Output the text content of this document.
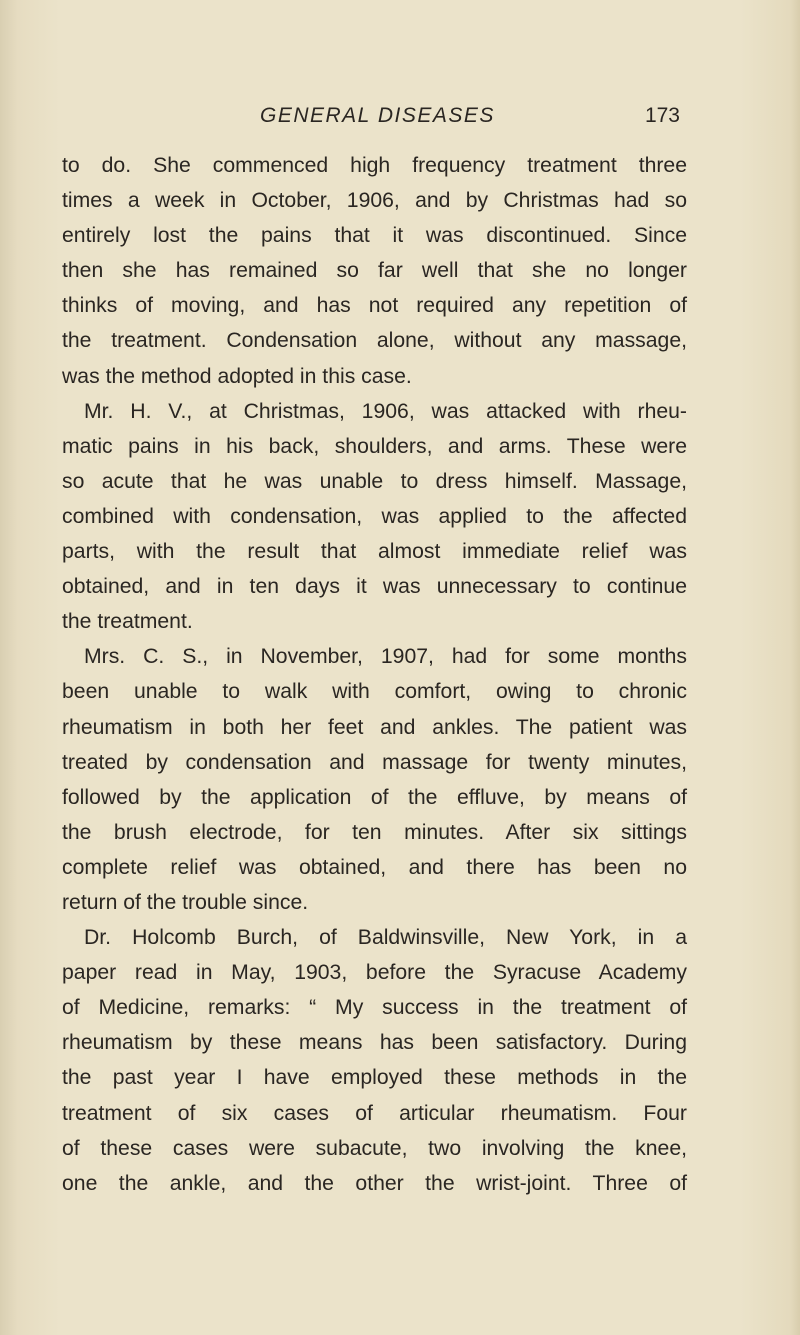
GENERAL DISEASES	173
to do. She commenced high frequency treatment three
times a week in October, 1906, and by Christmas had so
entirely lost the pains that it was discontinued. Since
then she has remained so far well that she no longer
thinks of moving, and has not required any repetition of
the treatment. Condensation alone, without any massage,
was the method adopted in this case.
Mr. H. V., at Christmas, 1906, was attacked with rheu-
matic pains in his back, shoulders, and arms. These were
so acute that he was unable to dress himself. Massage,
combined with condensation, was applied to the affected
parts, with the result that almost immediate relief was
obtained, and in ten days it was unnecessary to continue
the treatment.
Mrs. C. S., in November, 1907, had for some months
been unable to walk with comfort, owing to chronic
rheumatism in both her feet and ankles. The patient was
treated by condensation and massage for twenty minutes,
followed by the application of the effluve, by means of
the brush electrode, for ten minutes. After six sittings
complete relief was obtained, and there has been no
return of the trouble since.
Dr. Holcomb Burch, of Baldwinsville, New York, in a
paper read in May, 1903, before the Syracuse Academy
of Medicine, remarks: “ My success in the treatment of
rheumatism by these means has been satisfactory. During
the past year I have employed these methods in the
treatment of six cases of articular rheumatism. Four
of these cases were subacute, two involving the knee,
one the ankle, and the other the wrist-joint. Three of
